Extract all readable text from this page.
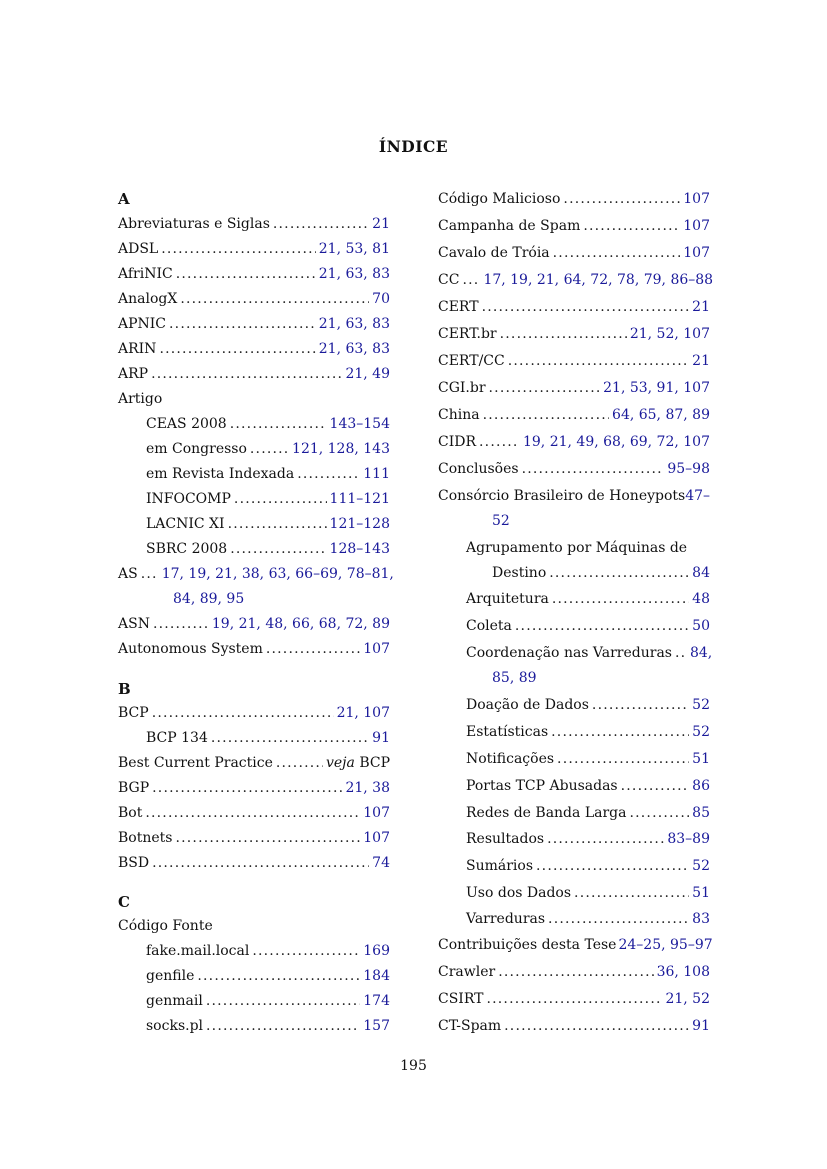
ÍNDICE
A
Abreviaturas e Siglas .....	21
ADSL .....	21, 53, 81
AfriNIC .....	21, 63, 83
AnalogX .....	70
APNIC .....	21, 63, 83
ARIN .....	21, 63, 83
ARP .....	21, 49
Artigo
CEAS 2008 .....	143–154
em Congresso .....	121, 128, 143
em Revista Indexada .....	111
INFOCOMP .....	111–121
LACNIC XI .....	121–128
SBRC 2008 .....	128–143
AS ..... 17, 19, 21, 38, 63, 66–69, 78–81,
84, 89, 95
ASN .....	19, 21, 48, 66, 68, 72, 89
Autonomous System .....	107
B
BCP .....	21, 107
BCP 134 .....	91
Best Current Practice .....	veja BCP
BGP .....	21, 38
Bot .....	107
Botnets .....	107
BSD .....	74
C
Código Fonte
fake.mail.local .....	169
genfile .....	184
genmail .....	174
socks.pl .....	157
Código Malicioso .....	107
Campanha de Spam .....	107
Cavalo de Tróia .....	107
CC ..... 17, 19, 21, 64, 72, 78, 79, 86–88
CERT .....	21
CERT.br .....	21, 52, 107
CERT/CC .....	21
CGI.br .....	21, 53, 91, 107
China .....	64, 65, 87, 89
CIDR .....	19, 21, 49, 68, 69, 72, 107
Conclusões .....	95–98
Consórcio Brasileiro de Honeypots 47–
52
Agrupamento por Máquinas de
Destino .....	84
Arquitetura .....	48
Coleta .....	50
Coordenação nas Varreduras ..... 84,
85, 89
Doação de Dados .....	52
Estatísticas .....	52
Notificações .....	51
Portas TCP Abusadas .....	86
Redes de Banda Larga .....	85
Resultados .....	83–89
Sumários .....	52
Uso dos Dados .....	51
Varreduras .....	83
Contribuições desta Tese 24–25, 95–97
Crawler .....	36, 108
CSIRT .....	21, 52
CT-Spam .....	91
195
